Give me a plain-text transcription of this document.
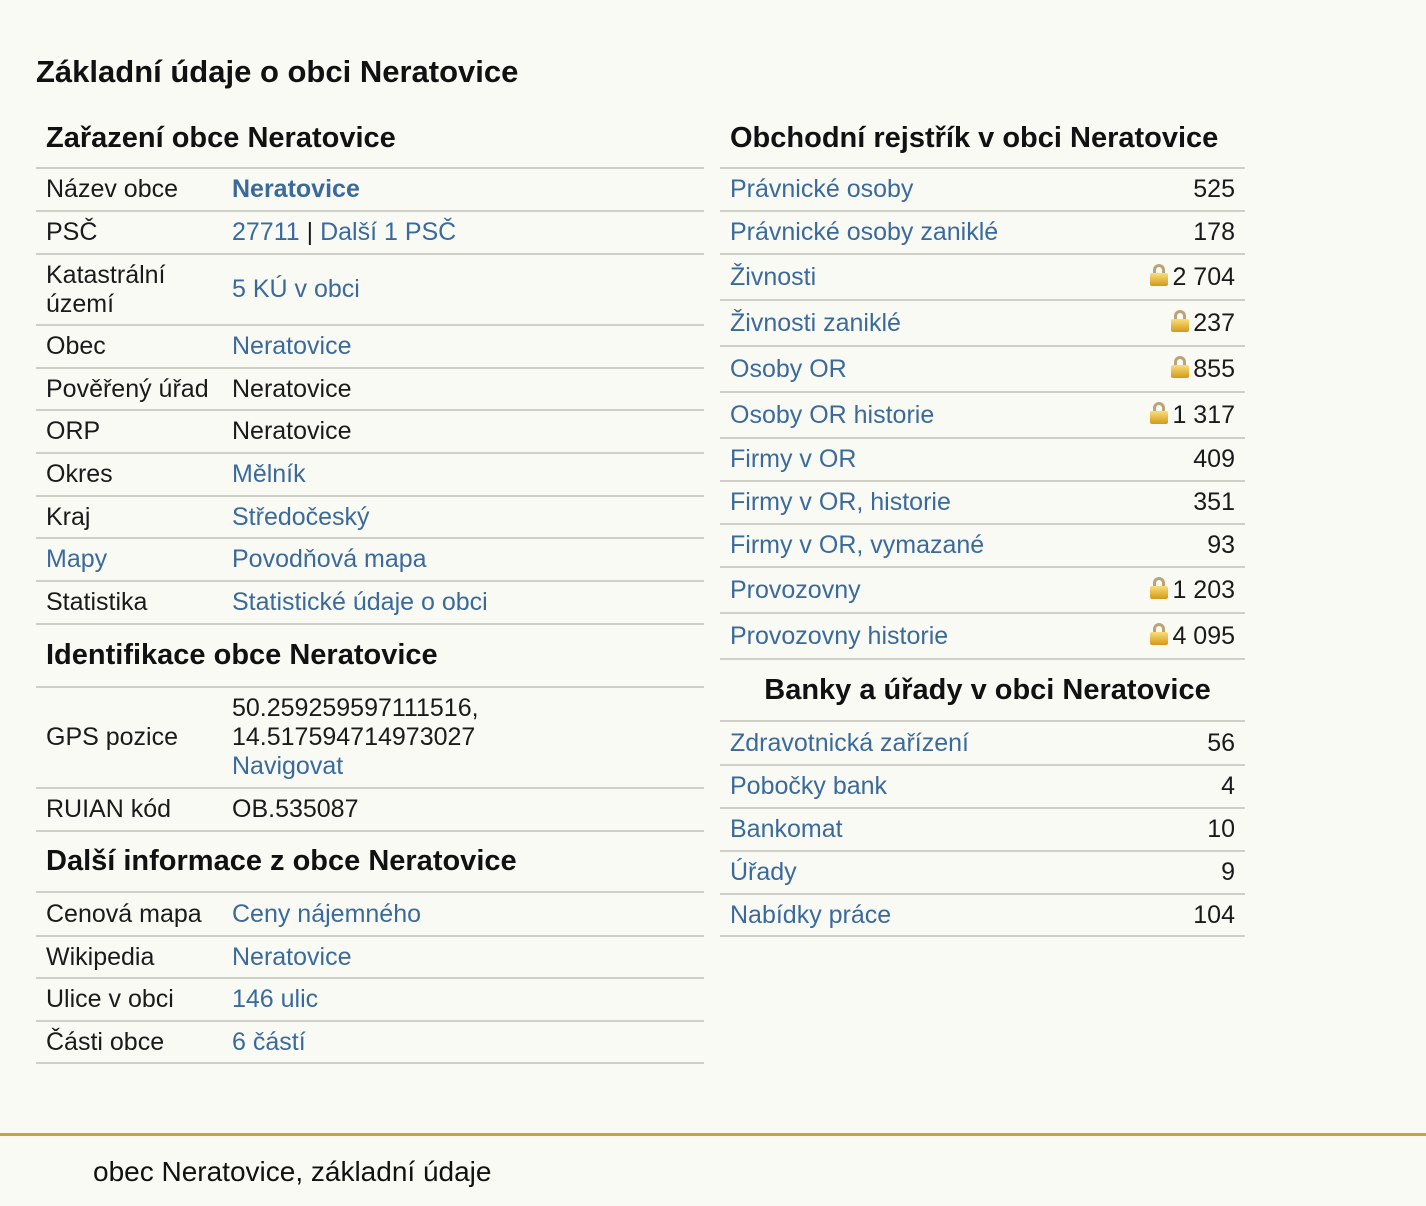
Základní údaje o obci Neratovice
Zařazení obce Neratovice
Název obce	Neratovice
PSČ	27711 | Další 1 PSČ
Katastrální
území	5 KÚ v obci
Obec	Neratovice
Pověřený úřad	Neratovice
ORP	Neratovice
Okres	Mělník
Kraj	Středočeský
Mapy	Povodňová mapa
Statistika	Statistické údaje o obci
Identifikace obce Neratovice
GPS pozice	50.259259597111516,
14.517594714973027
Navigovat
RUIAN kód	OB.535087
Další informace z obce Neratovice
Cenová mapa	Ceny nájemného
Wikipedia	Neratovice
Ulice v obci	146 ulic
Části obce	6 částí
Obchodní rejstřík v obci Neratovice
Právnické osoby	525
Právnické osoby zaniklé	178
Živnosti	2 704
Živnosti zaniklé	237
Osoby OR	855
Osoby OR historie	1 317
Firmy v OR	409
Firmy v OR, historie	351
Firmy v OR, vymazané	93
Provozovny	1 203
Provozovny historie	4 095
Banky a úřady v obci Neratovice
Zdravotnická zařízení	56
Pobočky bank	4
Bankomat	10
Úřady	9
Nabídky práce	104
obec Neratovice, základní údaje
